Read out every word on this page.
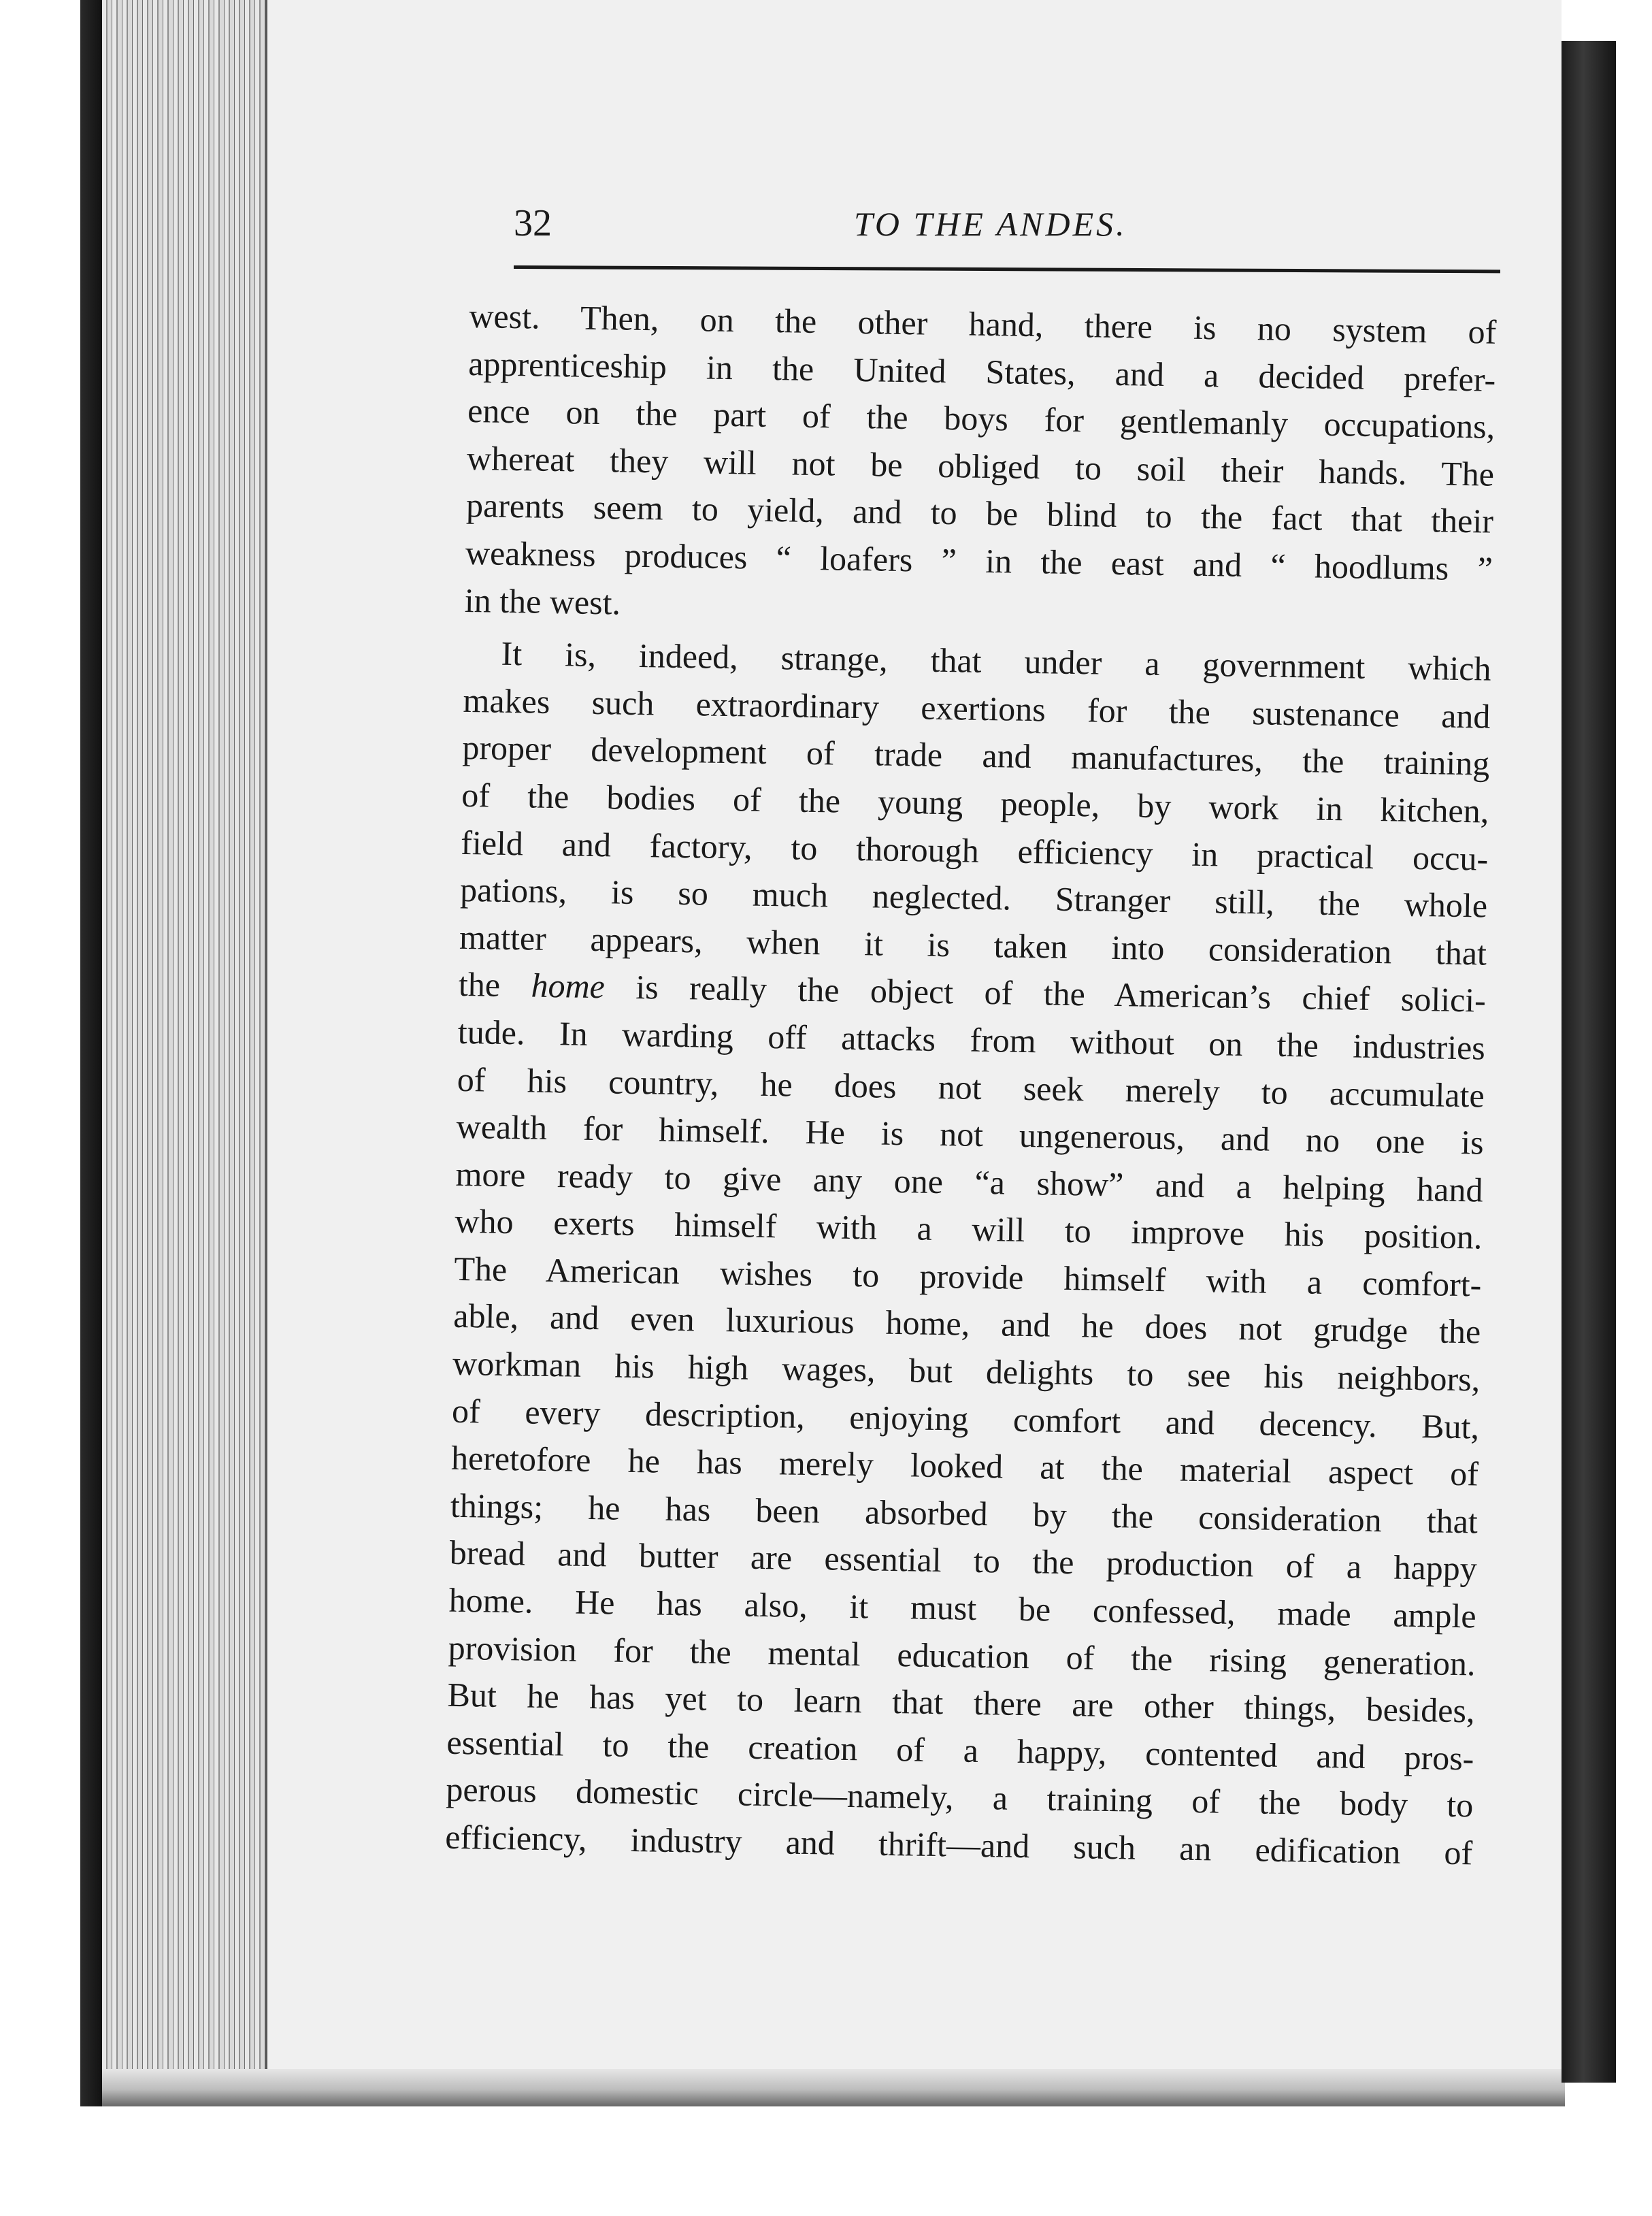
32	TO THE ANDES.

west. Then, on the other hand, there is no system of
apprenticeship in the United States, and a decided prefer-
ence on the part of the boys for gentlemanly occupations,
whereat they will not be obliged to soil their hands. The
parents seem to yield, and to be blind to the fact that their
weakness produces “ loafers ” in the east and “ hoodlums ”
in the west.

It is, indeed, strange, that under a government which
makes such extraordinary exertions for the sustenance and
proper development of trade and manufactures, the training
of the bodies of the young people, by work in kitchen,
field and factory, to thorough efficiency in practical occu-
pations, is so much neglected. Stranger still, the whole
matter appears, when it is taken into consideration that
the home is really the object of the American’s chief solici-
tude. In warding off attacks from without on the industries
of his country, he does not seek merely to accumulate
wealth for himself. He is not ungenerous, and no one is
more ready to give any one “a show” and a helping hand
who exerts himself with a will to improve his position.
The American wishes to provide himself with a comfort-
able, and even luxurious home, and he does not grudge the
workman his high wages, but delights to see his neighbors,
of every description, enjoying comfort and decency. But,
heretofore he has merely looked at the material aspect of
things; he has been absorbed by the consideration that
bread and butter are essential to the production of a happy
home. He has also, it must be confessed, made ample
provision for the mental education of the rising generation.
But he has yet to learn that there are other things, besides,
essential to the creation of a happy, contented and pros-
perous domestic circle—namely, a training of the body to
efficiency, industry and thrift—and such an edification of
